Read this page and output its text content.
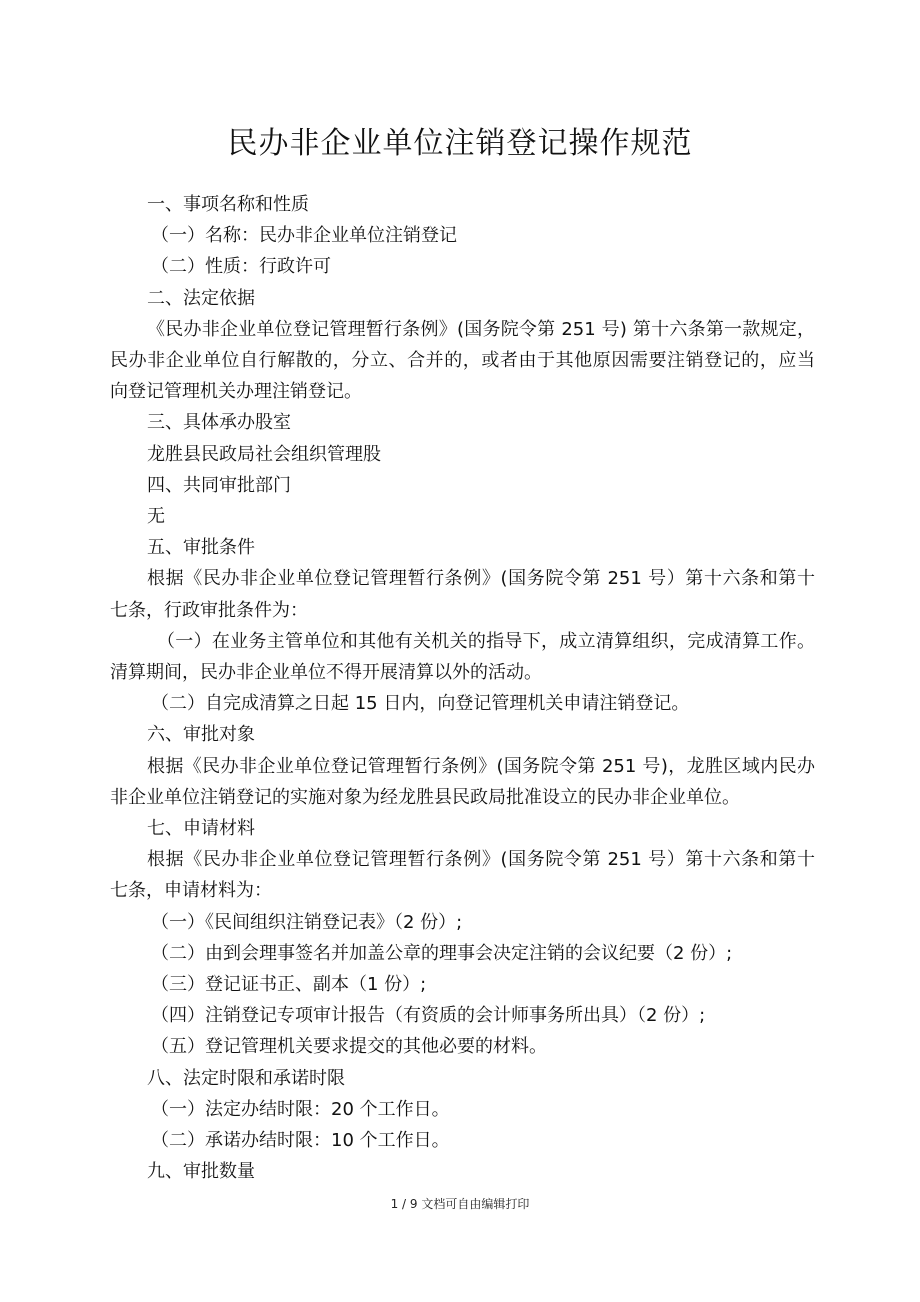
民办非企业单位注销登记操作规范
一、事项名称和性质
（一）名称：民办非企业单位注销登记
（二）性质：行政许可
二、法定依据
《民办非企业单位登记管理暂行条例》(国务院令第 251 号) 第十六条第一款规定，
民办非企业单位自行解散的，分立、合并的，或者由于其他原因需要注销登记的，应当
向登记管理机关办理注销登记。
三、具体承办股室
龙胜县民政局社会组织管理股
四、共同审批部门
无
五、审批条件
根据《民办非企业单位登记管理暂行条例》(国务院令第 251 号）第十六条和第十
七条，行政审批条件为：
（一）在业务主管单位和其他有关机关的指导下，成立清算组织，完成清算工作。
清算期间，民办非企业单位不得开展清算以外的活动。
（二）自完成清算之日起 15 日内，向登记管理机关申请注销登记。
六、审批对象
根据《民办非企业单位登记管理暂行条例》(国务院令第 251 号)，龙胜区域内民办
非企业单位注销登记的实施对象为经龙胜县民政局批准设立的民办非企业单位。
七、申请材料
根据《民办非企业单位登记管理暂行条例》(国务院令第 251 号）第十六条和第十
七条，申请材料为：
（一）《民间组织注销登记表》（2 份）;
（二）由到会理事签名并加盖公章的理事会决定注销的会议纪要（2 份）;
（三）登记证书正、副本（1 份）;
（四）注销登记专项审计报告（有资质的会计师事务所出具）（2 份）;
（五）登记管理机关要求提交的其他必要的材料。
八、法定时限和承诺时限
（一）法定办结时限：20 个工作日。
（二）承诺办结时限：10 个工作日。
九、审批数量
1 / 9 文档可自由编辑打印
